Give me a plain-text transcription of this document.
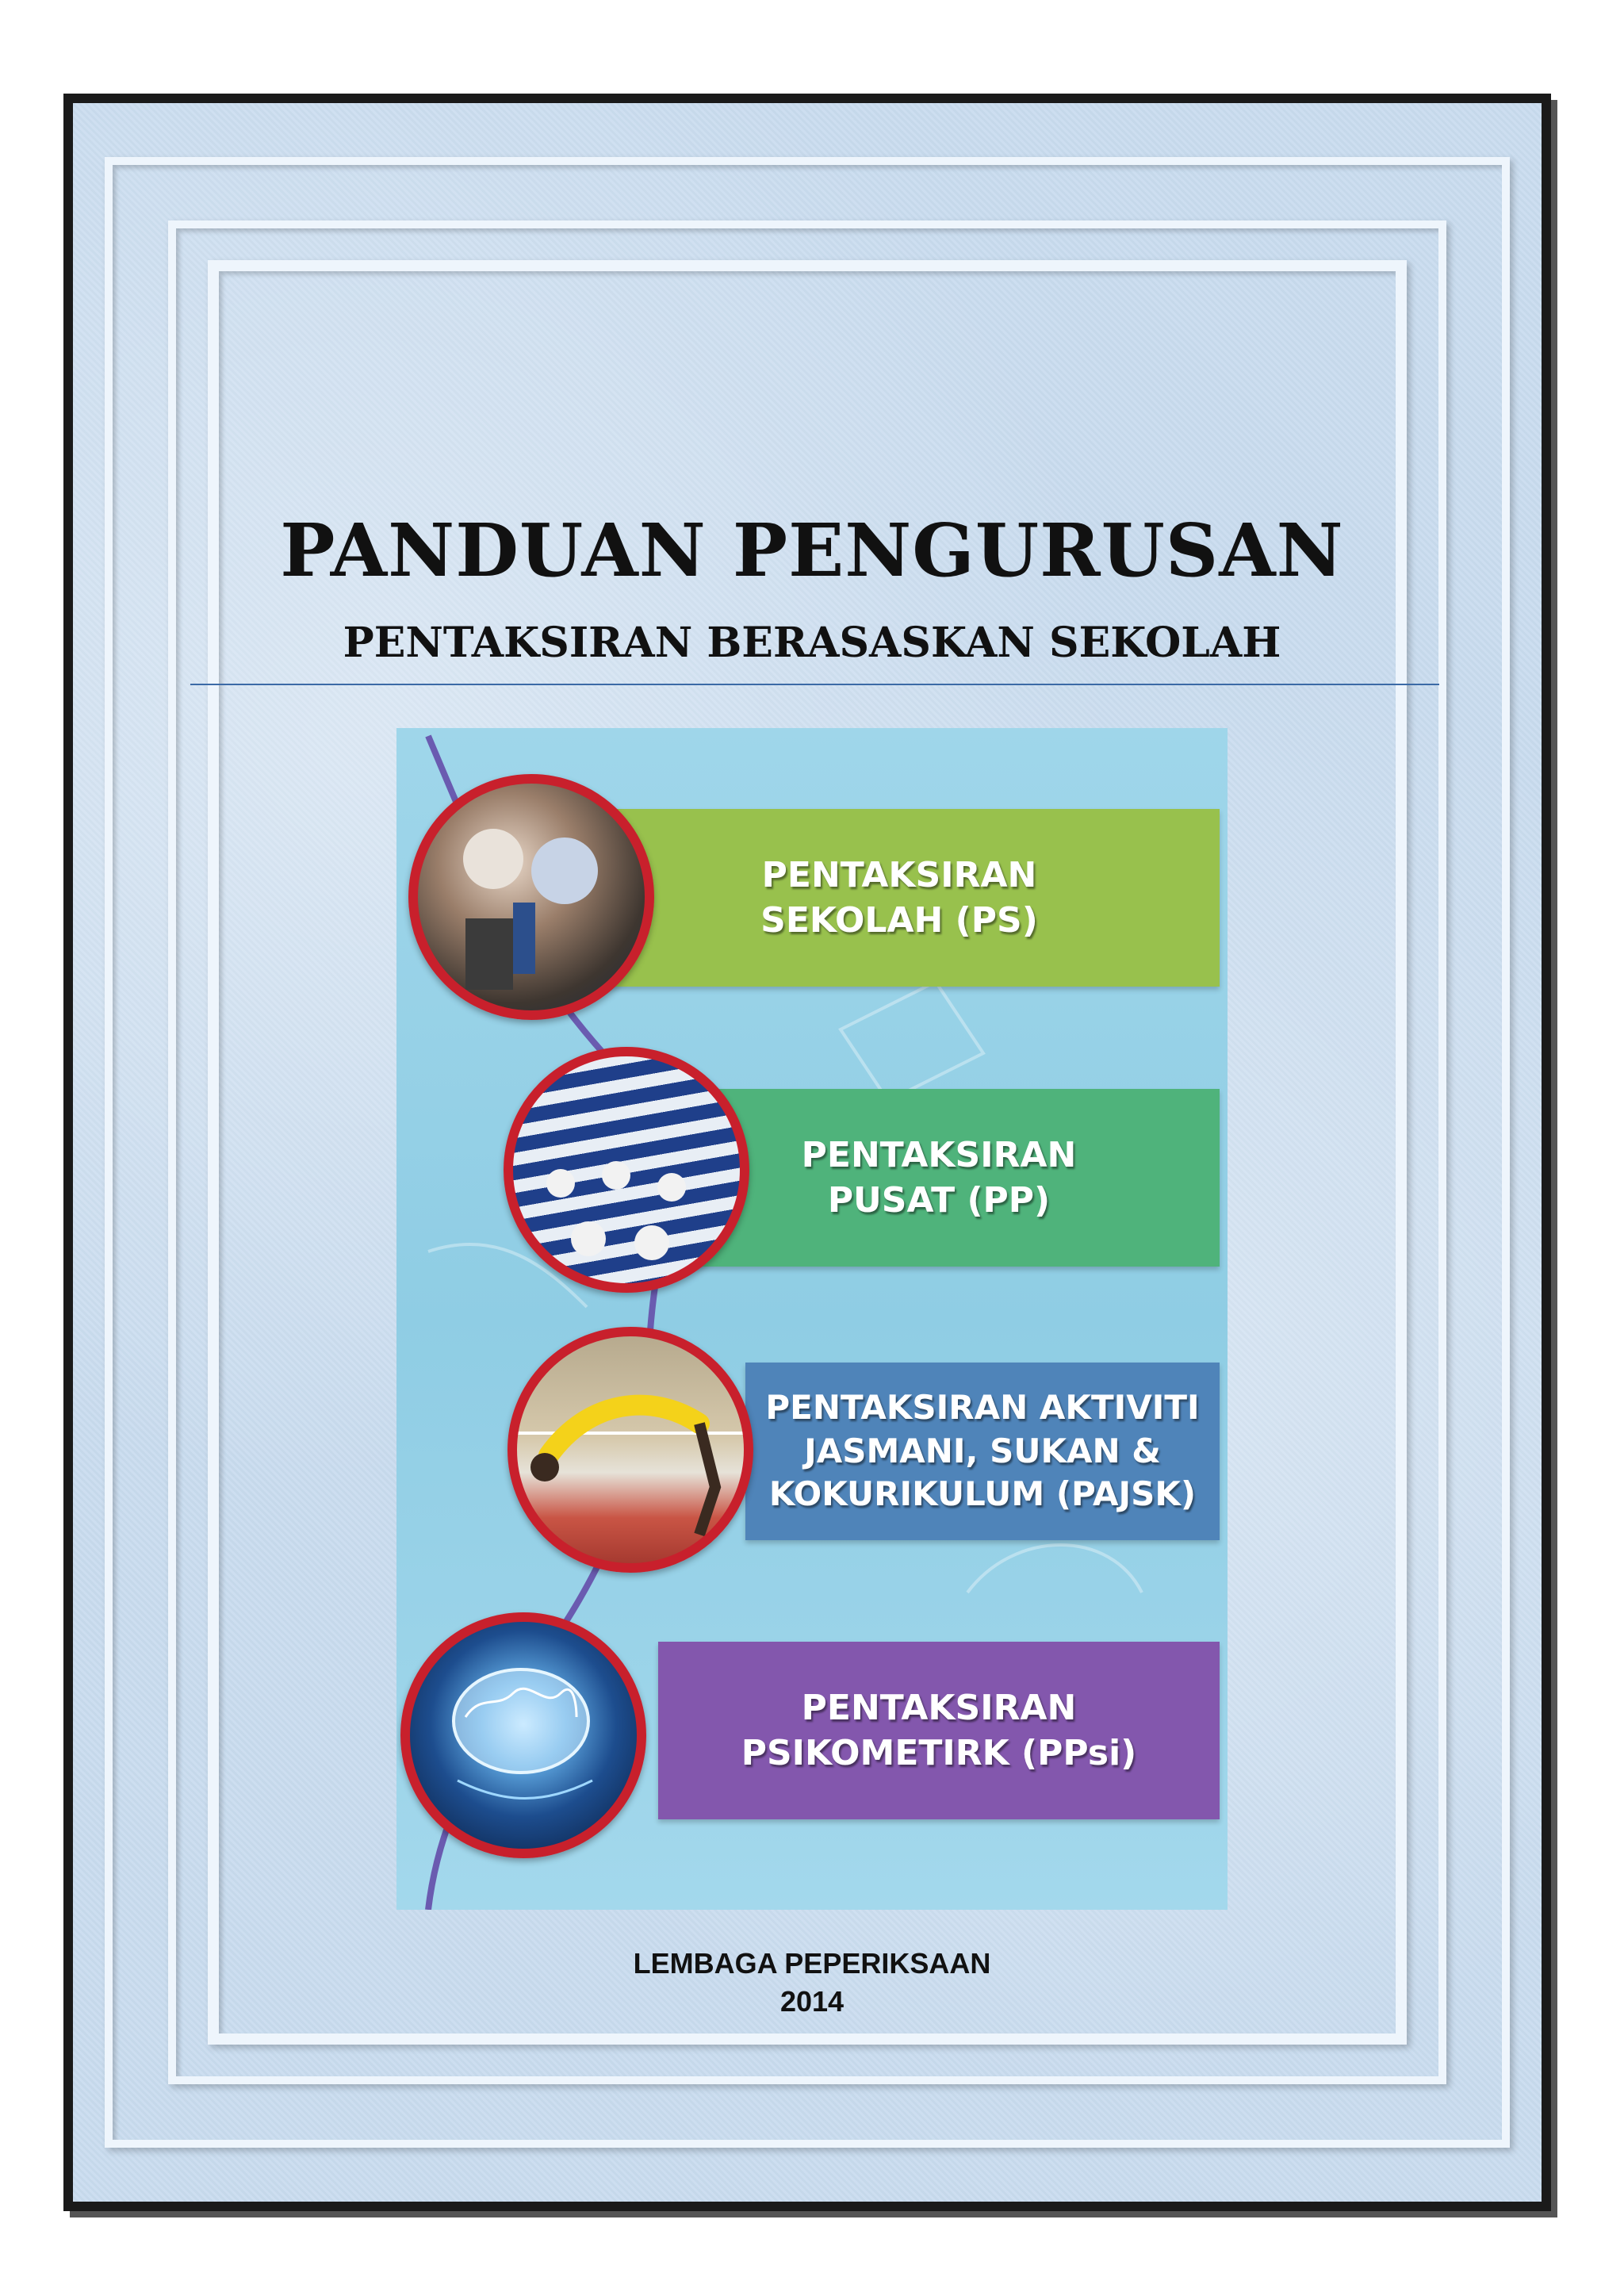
PANDUAN PENGURUSAN
PENTAKSIRAN BERASASKAN SEKOLAH
PENTAKSIRAN
SEKOLAH (PS)
PENTAKSIRAN
PUSAT (PP)
PENTAKSIRAN AKTIVITI
JASMANI, SUKAN &
KOKURIKULUM (PAJSK)
PENTAKSIRAN
PSIKOMETIRK (PPsi)
LEMBAGA PEPERIKSAAN
2014
